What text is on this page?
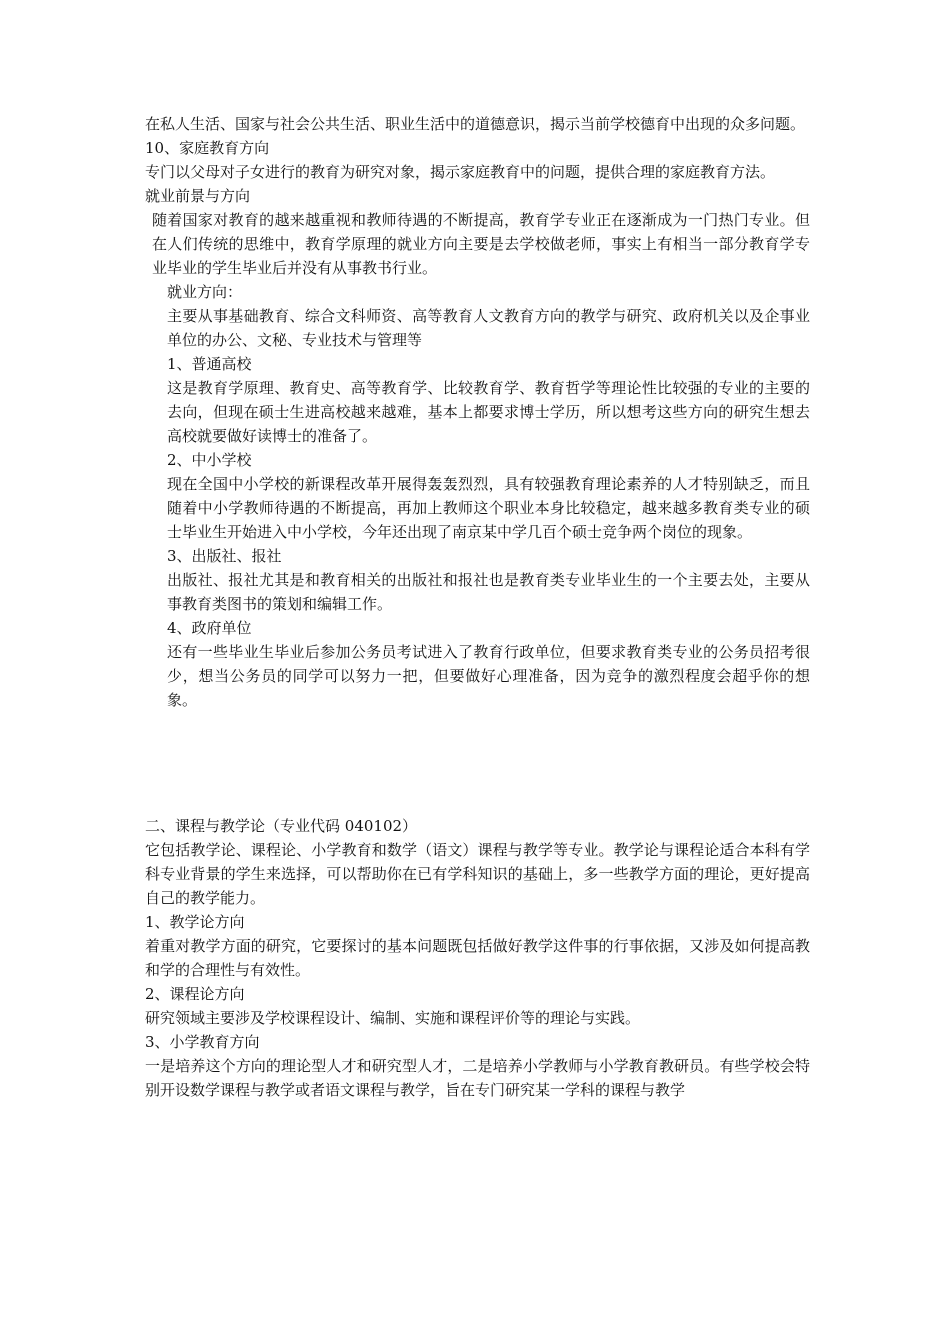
在私人生活、国家与社会公共生活、职业生活中的道德意识，揭示当前学校德育中出现的众多问题。

10、家庭教育方向

专门以父母对子女进行的教育为研究对象，揭示家庭教育中的问题，提供合理的家庭教育方法。

就业前景与方向

随着国家对教育的越来越重视和教师待遇的不断提高，教育学专业正在逐渐成为一门热门专业。但在人们传统的思维中，教育学原理的就业方向主要是去学校做老师，事实上有相当一部分教育学专业毕业的学生毕业后并没有从事教书行业。

就业方向：

主要从事基础教育、综合文科师资、高等教育人文教育方向的教学与研究、政府机关以及企事业单位的办公、文秘、专业技术与管理等

1、普通高校

这是教育学原理、教育史、高等教育学、比较教育学、教育哲学等理论性比较强的专业的主要的去向，但现在硕士生进高校越来越难，基本上都要求博士学历，所以想考这些方向的研究生想去高校就要做好读博士的准备了。

2、中小学校

现在全国中小学校的新课程改革开展得轰轰烈烈，具有较强教育理论素养的人才特别缺乏，而且随着中小学教师待遇的不断提高，再加上教师这个职业本身比较稳定，越来越多教育类专业的硕士毕业生开始进入中小学校，今年还出现了南京某中学几百个硕士竞争两个岗位的现象。

3、出版社、报社

出版社、报社尤其是和教育相关的出版社和报社也是教育类专业毕业生的一个主要去处，主要从事教育类图书的策划和编辑工作。

4、政府单位

还有一些毕业生毕业后参加公务员考试进入了教育行政单位，但要求教育类专业的公务员招考很少，想当公务员的同学可以努力一把，但要做好心理准备，因为竞争的激烈程度会超乎你的想象。

二、课程与教学论（专业代码 040102）

它包括教学论、课程论、小学教育和数学（语文）课程与教学等专业。教学论与课程论适合本科有学科专业背景的学生来选择，可以帮助你在已有学科知识的基础上，多一些教学方面的理论，更好提高自己的教学能力。

1、教学论方向

着重对教学方面的研究，它要探讨的基本问题既包括做好教学这件事的行事依据，又涉及如何提高教和学的合理性与有效性。

2、课程论方向

研究领域主要涉及学校课程设计、编制、实施和课程评价等的理论与实践。

3、小学教育方向

一是培养这个方向的理论型人才和研究型人才，二是培养小学教师与小学教育教研员。有些学校会特别开设数学课程与教学或者语文课程与教学，旨在专门研究某一学科的课程与教学
